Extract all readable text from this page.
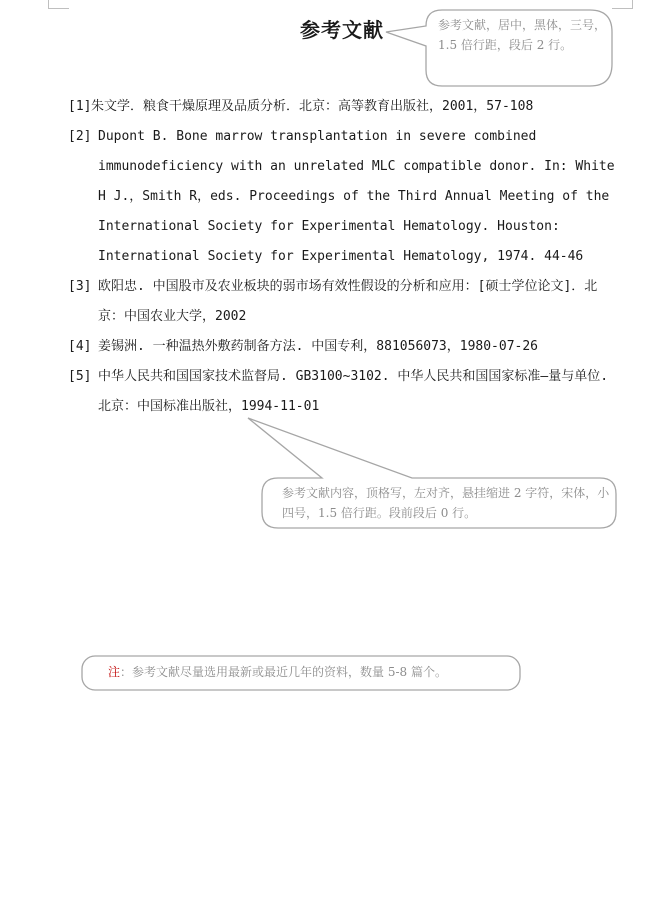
参考文献	参考文献，居中，黑体，三号，1.5 倍行距，段后 2 行。
参考文献内容，顶格写，左对齐，悬挂缩进 2 字符，宋体，小四号，1.5 倍行距。段前段后 0 行。
注：参考文献尽量选用最新或最近几年的资料，数量 5-8 篇个。

[1]朱文学．粮食干燥原理及品质分析．北京：高等教育出版社，2001，57-108

[2] Dupont B. Bone marrow transplantation in severe combined immunodeficiency with an unrelated MLC compatible donor. In: White H J.，Smith R，eds. Proceedings of the Third Annual Meeting of the International Society for Experimental Hematology. Houston: International Society for Experimental Hematology, 1974. 44-46

[3] 欧阳忠. 中国股市及农业板块的弱市场有效性假设的分析和应用：[硕士学位论文]．北京：中国农业大学，2002

[4] 姜锡洲. 一种温热外敷药制备方法. 中国专利，881056073，1980-07-26

[5] 中华人民共和国国家技术监督局. GB3100~3102. 中华人民共和国国家标准—量与单位. 北京：中国标准出版社，1994-11-01
